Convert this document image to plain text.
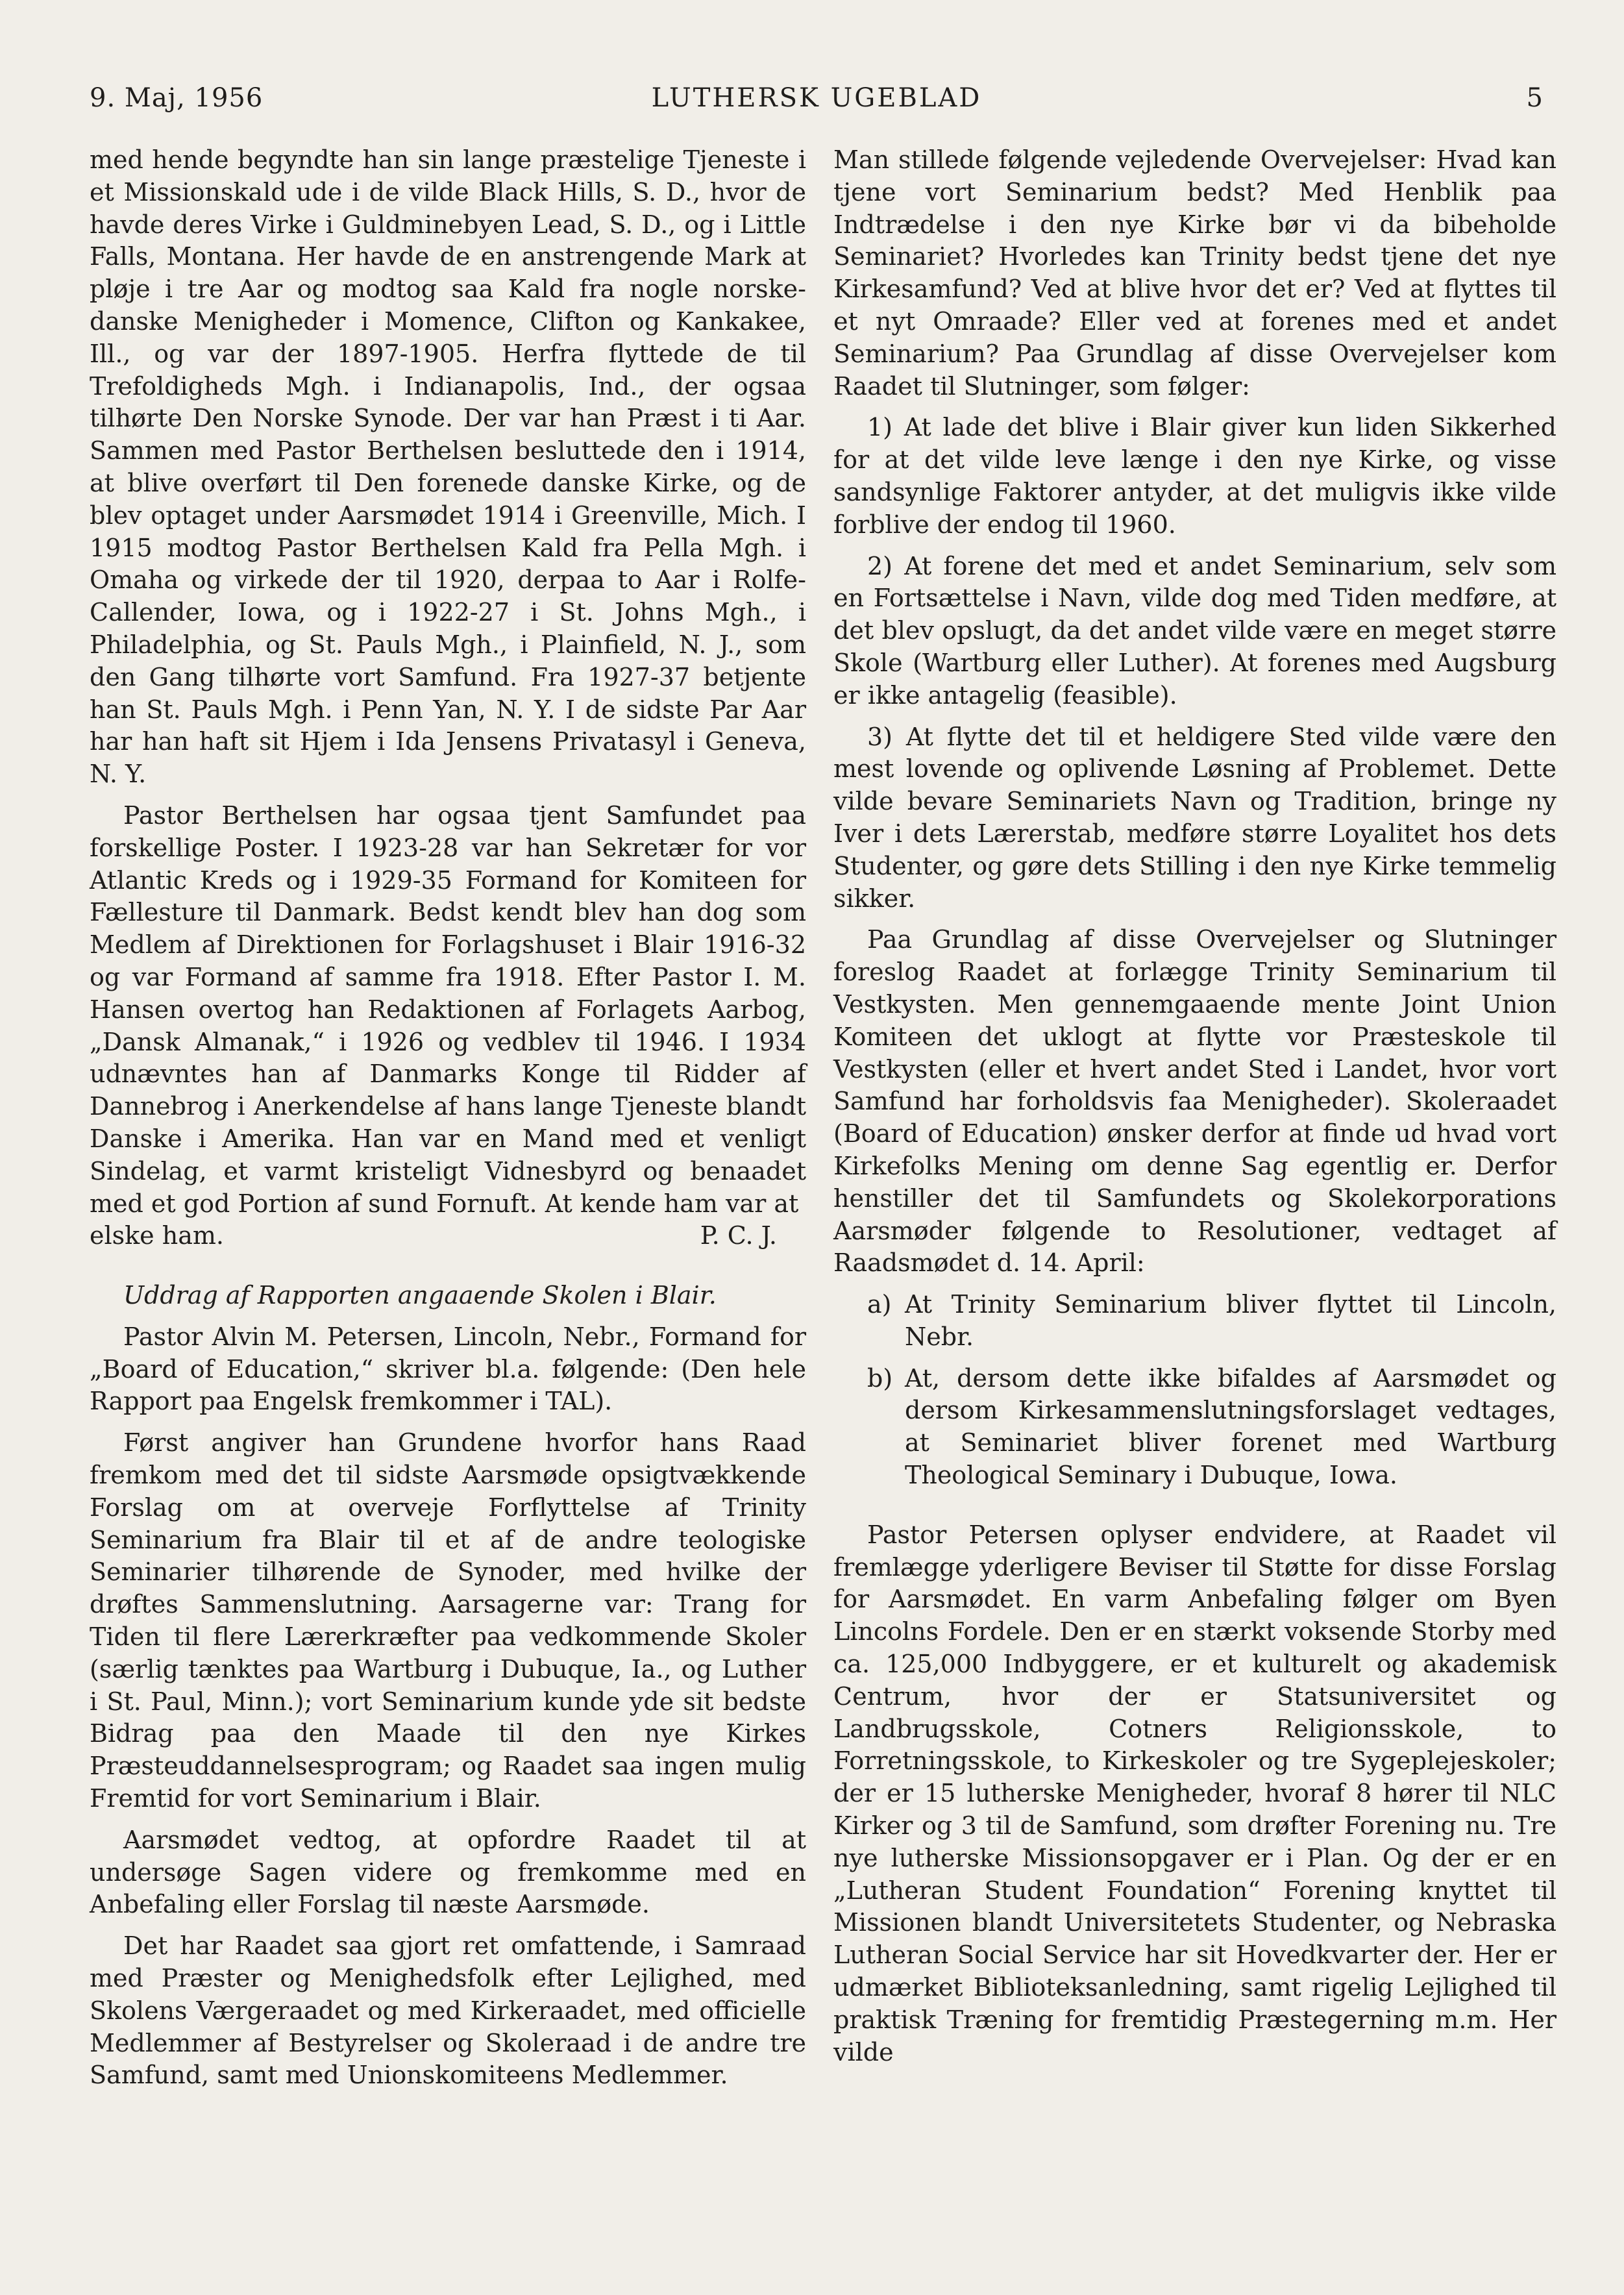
9. Maj, 1956	LUTHERSK UGEBLAD	5

med hende begyndte han sin lange præstelige Tjeneste i et Missionskald ude i de vilde Black Hills, S. D., hvor de havde deres Virke i Guldminebyen Lead, S. D., og i Little Falls, Montana. Her havde de en anstrengende Mark at pløje i tre Aar og modtog saa Kald fra nogle norske-danske Menigheder i Momence, Clifton og Kankakee, Ill., og var der 1897-1905. Herfra flyttede de til Trefoldigheds Mgh. i Indianapolis, Ind., der ogsaa tilhørte Den Norske Synode. Der var han Præst i ti Aar. Sammen med Pastor Berthelsen besluttede den i 1914, at blive overført til Den forenede danske Kirke, og de blev optaget under Aarsmødet 1914 i Greenville, Mich. I 1915 modtog Pastor Berthelsen Kald fra Pella Mgh. i Omaha og virkede der til 1920, derpaa to Aar i Rolfe-Callender, Iowa, og i 1922-27 i St. Johns Mgh., i Philadelphia, og St. Pauls Mgh., i Plainfield, N. J., som den Gang tilhørte vort Samfund. Fra 1927-37 betjente han St. Pauls Mgh. i Penn Yan, N. Y. I de sidste Par Aar har han haft sit Hjem i Ida Jensens Privatasyl i Geneva, N. Y.

Pastor Berthelsen har ogsaa tjent Samfundet paa forskellige Poster. I 1923-28 var han Sekretær for vor Atlantic Kreds og i 1929-35 Formand for Komiteen for Fællesture til Danmark. Bedst kendt blev han dog som Medlem af Direktionen for Forlagshuset i Blair 1916-32 og var Formand af samme fra 1918. Efter Pastor I. M. Hansen overtog han Redaktionen af Forlagets Aarbog, „Dansk Almanak,“ i 1926 og vedblev til 1946. I 1934 udnævntes han af Danmarks Konge til Ridder af Dannebrog i Anerkendelse af hans lange Tjeneste blandt Danske i Amerika. Han var en Mand med et venligt Sindelag, et varmt kristeligt Vidnesbyrd og benaadet med et god Portion af sund Fornuft. At kende ham var at

elske ham.	P. C. J.

Uddrag af Rapporten angaaende Skolen i Blair.

Pastor Alvin M. Petersen, Lincoln, Nebr., Formand for „Board of Education,“ skriver bl.a. følgende: (Den hele Rapport paa Engelsk fremkommer i TAL).

Først angiver han Grundene hvorfor hans Raad fremkom med det til sidste Aarsmøde opsigtvækkende Forslag om at overveje Forflyttelse af Trinity Seminarium fra Blair til et af de andre teologiske Seminarier tilhørende de Synoder, med hvilke der drøftes Sammenslutning. Aarsagerne var: Trang for Tiden til flere Lærerkræfter paa vedkommende Skoler (særlig tænktes paa Wartburg i Dubuque, Ia., og Luther i St. Paul, Minn.); vort Seminarium kunde yde sit bedste Bidrag paa den Maade til den nye Kirkes Præsteuddannelsesprogram; og Raadet saa ingen mulig Fremtid for vort Seminarium i Blair.

Aarsmødet vedtog, at opfordre Raadet til at undersøge Sagen videre og fremkomme med en Anbefaling eller Forslag til næste Aarsmøde.

Det har Raadet saa gjort ret omfattende, i Samraad med Præster og Menighedsfolk efter Lejlighed, med Skolens Værgeraadet og med Kirkeraadet, med officielle Medlemmer af Bestyrelser og Skoleraad i de andre tre Samfund, samt med Unionskomiteens Medlemmer.

Man stillede følgende vejledende Overvejelser: Hvad kan tjene vort Seminarium bedst? Med Henblik paa Indtrædelse i den nye Kirke bør vi da bibeholde Seminariet? Hvorledes kan Trinity bedst tjene det nye Kirkesamfund? Ved at blive hvor det er? Ved at flyttes til et nyt Omraade? Eller ved at forenes med et andet Seminarium? Paa Grundlag af disse Overvejelser kom Raadet til Slutninger, som følger:

1) At lade det blive i Blair giver kun liden Sikkerhed for at det vilde leve længe i den nye Kirke, og visse sandsynlige Faktorer antyder, at det muligvis ikke vilde forblive der endog til 1960.

2) At forene det med et andet Seminarium, selv som en Fortsættelse i Navn, vilde dog med Tiden medføre, at det blev opslugt, da det andet vilde være en meget større Skole (Wartburg eller Luther). At forenes med Augsburg er ikke antagelig (feasible).

3) At flytte det til et heldigere Sted vilde være den mest lovende og oplivende Løsning af Problemet. Dette vilde bevare Seminariets Navn og Tradition, bringe ny Iver i dets Lærerstab, medføre større Loyalitet hos dets Studenter, og gøre dets Stilling i den nye Kirke temmelig sikker.

Paa Grundlag af disse Overvejelser og Slutninger foreslog Raadet at forlægge Trinity Seminarium til Vestkysten. Men gennemgaaende mente Joint Union Komiteen det uklogt at flytte vor Præsteskole til Vestkysten (eller et hvert andet Sted i Landet, hvor vort Samfund har forholdsvis faa Menigheder). Skoleraadet (Board of Education) ønsker derfor at finde ud hvad vort Kirkefolks Mening om denne Sag egentlig er. Derfor henstiller det til Samfundets og Skolekorporations Aarsmøder følgende to Resolutioner, vedtaget af Raadsmødet d. 14. April:

a) At Trinity Seminarium bliver flyttet til Lincoln, Nebr.
b) At, dersom dette ikke bifaldes af Aarsmødet og dersom Kirkesammenslutningsforslaget vedtages, at Seminariet bliver forenet med Wartburg Theological Seminary i Dubuque, Iowa.

Pastor Petersen oplyser endvidere, at Raadet vil fremlægge yderligere Beviser til Støtte for disse Forslag for Aarsmødet. En varm Anbefaling følger om Byen Lincolns Fordele. Den er en stærkt voksende Storby med ca. 125,000 Indbyggere, er et kulturelt og akademisk Centrum, hvor der er Statsuniversitet og Landbrugsskole, Cotners Religionsskole, to Forretningsskole, to Kirkeskoler og tre Sygeplejeskoler; der er 15 lutherske Menigheder, hvoraf 8 hører til NLC Kirker og 3 til de Samfund, som drøfter Forening nu. Tre nye lutherske Missionsopgaver er i Plan. Og der er en „Lutheran Student Foundation“ Forening knyttet til Missionen blandt Universitetets Studenter, og Nebraska Lutheran Social Service har sit Hovedkvarter der. Her er udmærket Biblioteksanledning, samt rigelig Lejlighed til praktisk Træning for fremtidig Præstegerning m.m. Her vilde
